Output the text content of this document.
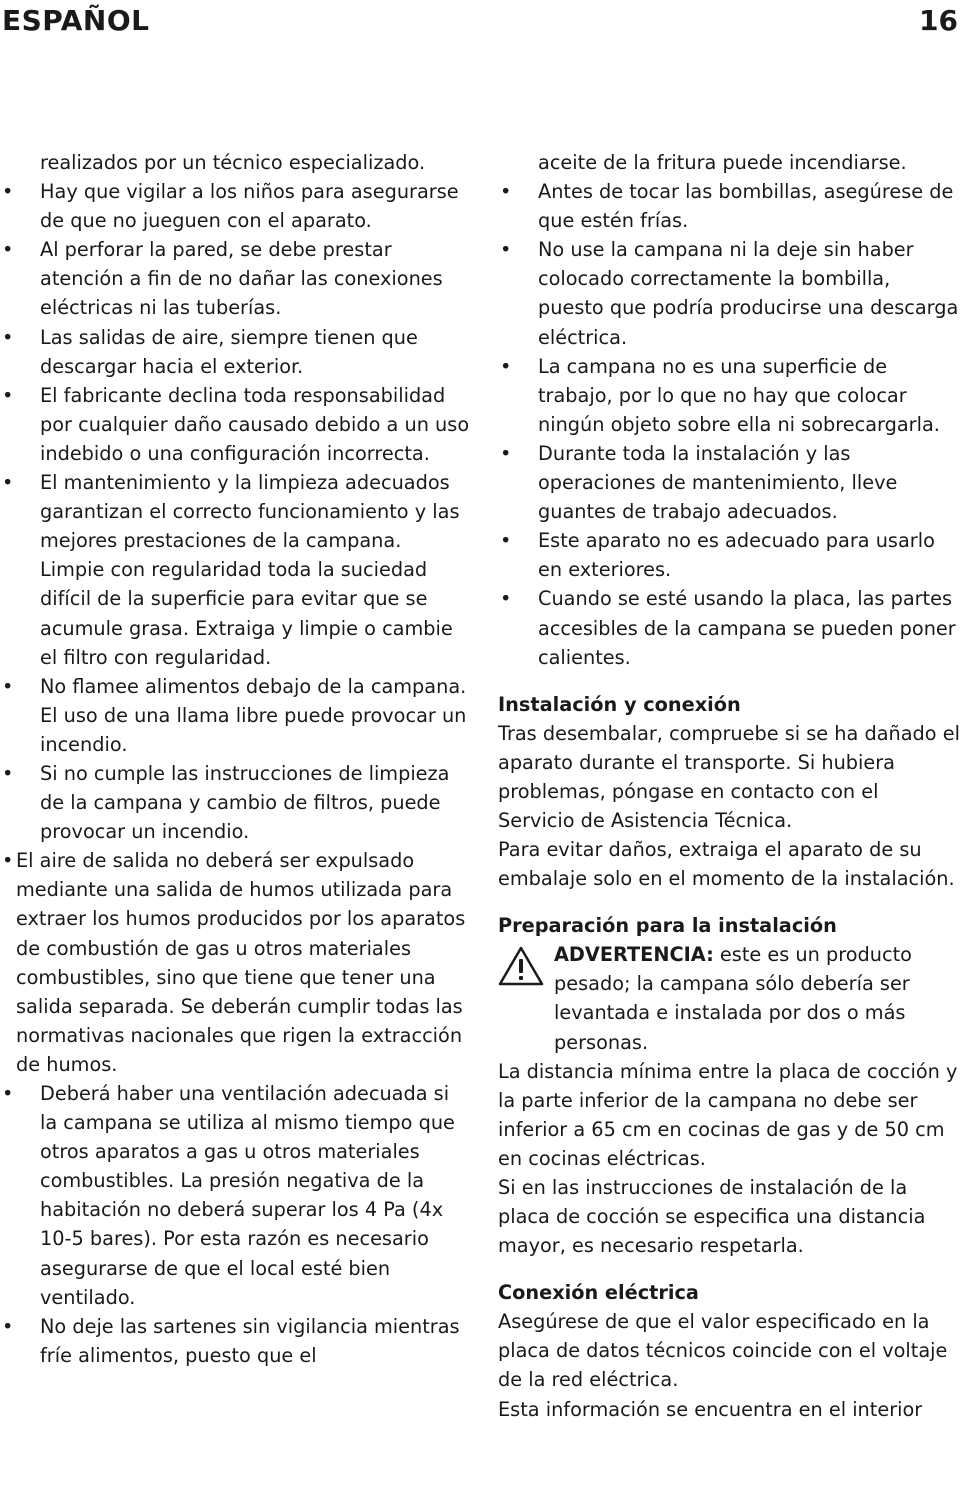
ESPAÑOL	16

realizados por un técnico especializado.

• Hay que vigilar a los niños para asegurarse de que no jueguen con el aparato.
• Al perforar la pared, se debe prestar atención a fin de no dañar las conexiones eléctricas ni las tuberías.
• Las salidas de aire, siempre tienen que descargar hacia el exterior.
• El fabricante declina toda responsabilidad por cualquier daño causado debido a un uso indebido o una configuración incorrecta.
• El mantenimiento y la limpieza adecuados garantizan el correcto funcionamiento y las mejores prestaciones de la campana. Limpie con regularidad toda la suciedad difícil de la superficie para evitar que se acumule grasa. Extraiga y limpie o cambie el filtro con regularidad.
• No flamee alimentos debajo de la campana. El uso de una llama libre puede provocar un incendio.
• Si no cumple las instrucciones de limpieza de la campana y cambio de filtros, puede provocar un incendio.
• El aire de salida no deberá ser expulsado mediante una salida de humos utilizada para extraer los humos producidos por los aparatos de combustión de gas u otros materiales combustibles, sino que tiene que tener una salida separada. Se deberán cumplir todas las normativas nacionales que rigen la extracción de humos.
• Deberá haber una ventilación adecuada si la campana se utiliza al mismo tiempo que otros aparatos a gas u otros materiales combustibles. La presión negativa de la habitación no deberá superar los 4 Pa (4x 10-5 bares). Por esta razón es necesario asegurarse de que el local esté bien ventilado.
• No deje las sartenes sin vigilancia mientras fríe alimentos, puesto que el

aceite de la fritura puede incendiarse.

• Antes de tocar las bombillas, asegúrese de que estén frías.
• No use la campana ni la deje sin haber colocado correctamente la bombilla, puesto que podría producirse una descarga eléctrica.
• La campana no es una superficie de trabajo, por lo que no hay que colocar ningún objeto sobre ella ni sobrecargarla.
• Durante toda la instalación y las operaciones de mantenimiento, lleve guantes de trabajo adecuados.
• Este aparato no es adecuado para usarlo en exteriores.
• Cuando se esté usando la placa, las partes accesibles de la campana se pueden poner calientes.
Instalación y conexión

Tras desembalar, compruebe si se ha dañado el aparato durante el transporte. Si hubiera problemas, póngase en contacto con el Servicio de Asistencia Técnica.

Para evitar daños, extraiga el aparato de su embalaje solo en el momento de la instalación.

Preparación para la instalación

ADVERTENCIA: este es un producto pesado; la campana sólo debería ser levantada e instalada por dos o más personas.

La distancia mínima entre la placa de cocción y la parte inferior de la campana no debe ser inferior a 65 cm en cocinas de gas y de 50 cm en cocinas eléctricas.

Si en las instrucciones de instalación de la placa de cocción se especifica una distancia mayor, es necesario respetarla.

Conexión eléctrica

Asegúrese de que el valor especificado en la placa de datos técnicos coincide con el voltaje de la red eléctrica.

Esta información se encuentra en el interior
